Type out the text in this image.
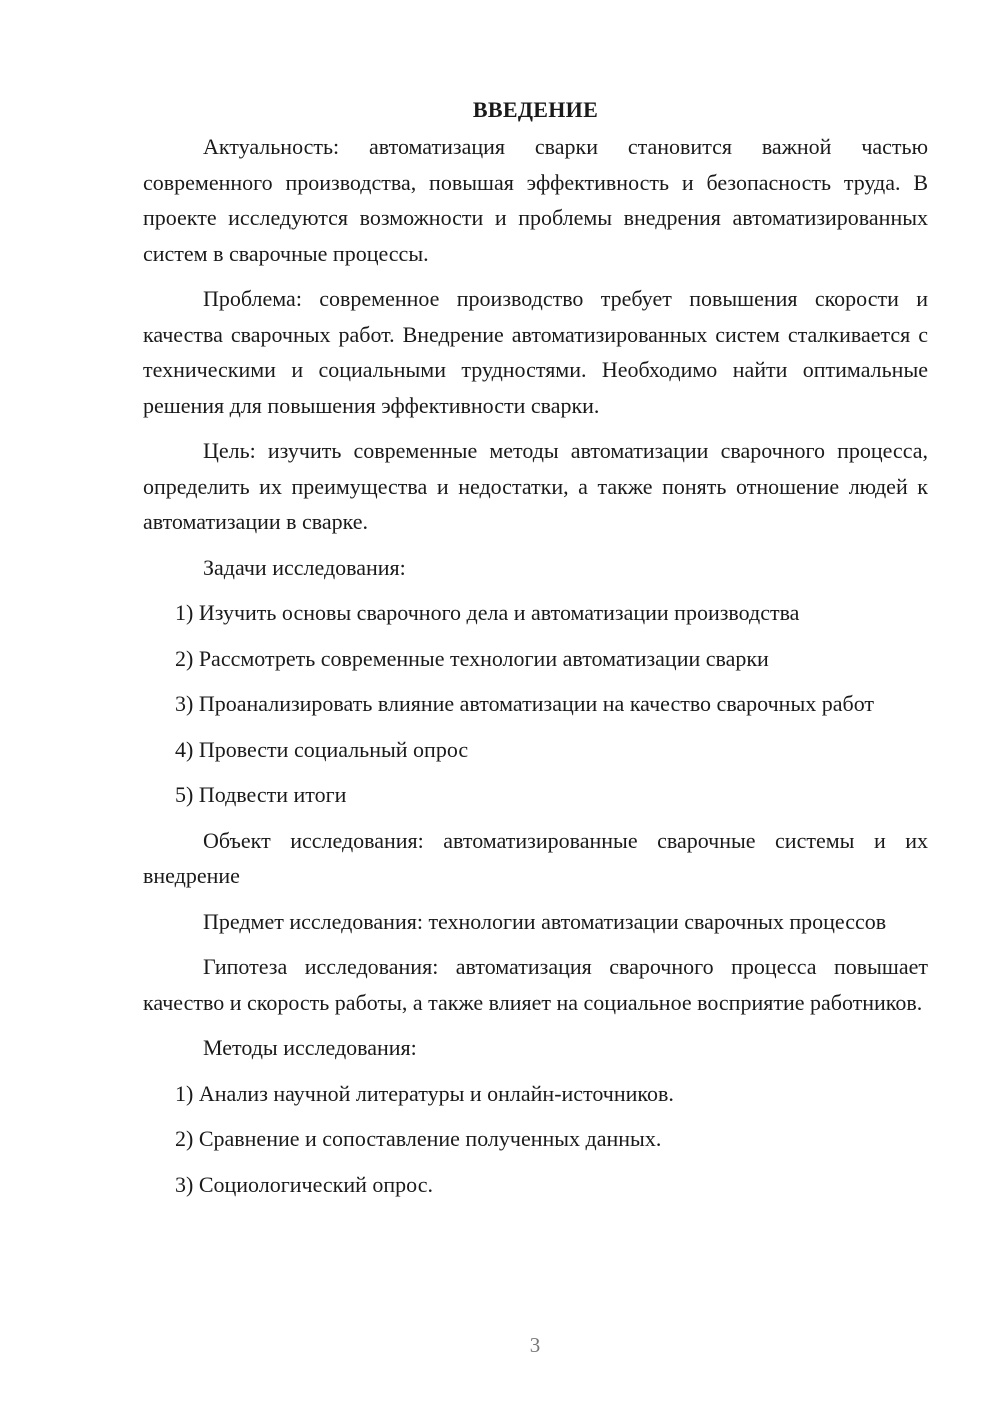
ВВЕДЕНИЕ

Актуальность: автоматизация сварки становится важной частью современного производства, повышая эффективность и безопасность труда. В проекте исследуются возможности и проблемы внедрения автоматизированных систем в сварочные процессы.

Проблема: современное производство требует повышения скорости и качества сварочных работ. Внедрение автоматизированных систем сталкивается с техническими и социальными трудностями. Необходимо найти оптимальные решения для повышения эффективности сварки.

Цель: изучить современные методы автоматизации сварочного процесса, определить их преимущества и недостатки, а также понять отношение людей к автоматизации в сварке.

Задачи исследования:

1) Изучить основы сварочного дела и автоматизации производства

2) Рассмотреть современные технологии автоматизации сварки

3) Проанализировать влияние автоматизации на качество сварочных работ

4) Провести социальный опрос

5) Подвести итоги

Объект исследования: автоматизированные сварочные системы и их внедрение

Предмет исследования: технологии автоматизации сварочных процессов

Гипотеза исследования: автоматизация сварочного процесса повышает качество и скорость работы, а также влияет на социальное восприятие работников.

Методы исследования:

1) Анализ научной литературы и онлайн-источников.

2) Сравнение и сопоставление полученных данных.

3) Социологический опрос.

3
